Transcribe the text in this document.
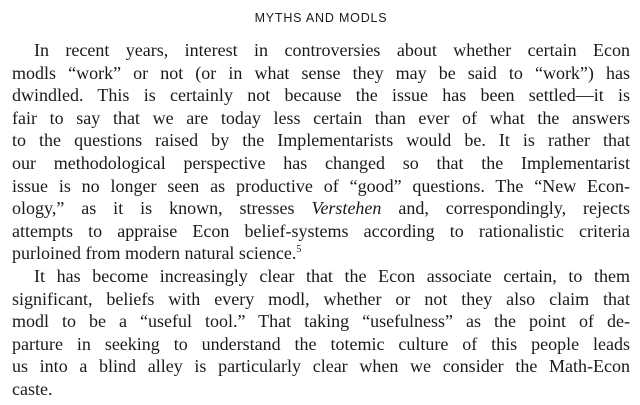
MYTHS AND MODLS

In recent years, interest in controversies about whether certain Econ
modls “work” or not (or in what sense they may be said to “work”) has
dwindled. This is certainly not because the issue has been settled—it is
fair to say that we are today less certain than ever of what the answers
to the questions raised by the Implementarists would be. It is rather that
our methodological perspective has changed so that the Implementarist
issue is no longer seen as productive of “good” questions. The “New Econ-
ology,” as it is known, stresses Verstehen and, correspondingly, rejects
attempts to appraise Econ belief-systems according to rationalistic criteria
purloined from modern natural science.$^5$

It has become increasingly clear that the Econ associate certain, to them
significant, beliefs with every modl, whether or not they also claim that
modl to be a “useful tool.” That taking “usefulness” as the point of de-
parture in seeking to understand the totemic culture of this people leads
us into a blind alley is particularly clear when we consider the Math-Econ
caste.
